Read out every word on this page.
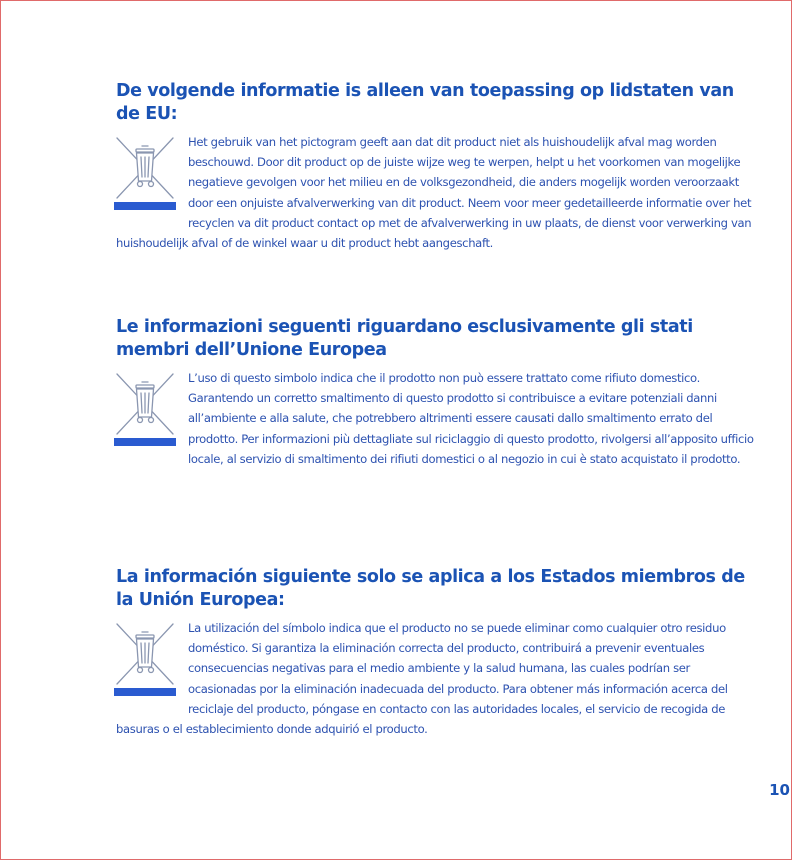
De volgende informatie is alleen van toepassing op lidstaten van de EU:
Het gebruik van het pictogram geeft aan dat dit product niet als huishoudelijk afval mag worden beschouwd. Door dit product op de juiste wijze weg te werpen, helpt u het voorkomen van mogelijke negatieve gevolgen voor het milieu en de volksgezondheid, die anders mogelijk worden veroorzaakt door een onjuiste afvalverwerking van dit product. Neem voor meer gedetailleerde informatie over het recyclen va dit product contact op met de afvalverwerking in uw plaats, de dienst voor verwerking van huishoudelijk afval of de winkel waar u dit product hebt aangeschaft.
Le informazioni seguenti riguardano esclusivamente gli stati membri dell’Unione Europea
L’uso di questo simbolo indica che il prodotto non può essere trattato come rifiuto domestico. Garantendo un corretto smaltimento di questo prodotto si contribuisce a evitare potenziali danni all’ambiente e alla salute, che potrebbero altrimenti essere causati dallo smaltimento errato del prodotto. Per informazioni più dettagliate sul riciclaggio di questo prodotto, rivolgersi all’apposito ufficio locale, al servizio di smaltimento dei rifiuti domestici o al negozio in cui è stato acquistato il prodotto.
La información siguiente solo se aplica a los Estados miembros de la Unión Europea:
La utilización del símbolo indica que el producto no se puede eliminar como cualquier otro residuo doméstico. Si garantiza la eliminación correcta del producto, contribuirá a prevenir eventuales consecuencias negativas para el medio ambiente y la salud humana, las cuales podrían ser ocasionadas por la eliminación inadecuada del producto. Para obtener más información acerca del reciclaje del producto, póngase en contacto con las autoridades locales, el servicio de recogida de basuras o el establecimiento donde adquirió el producto.

10
